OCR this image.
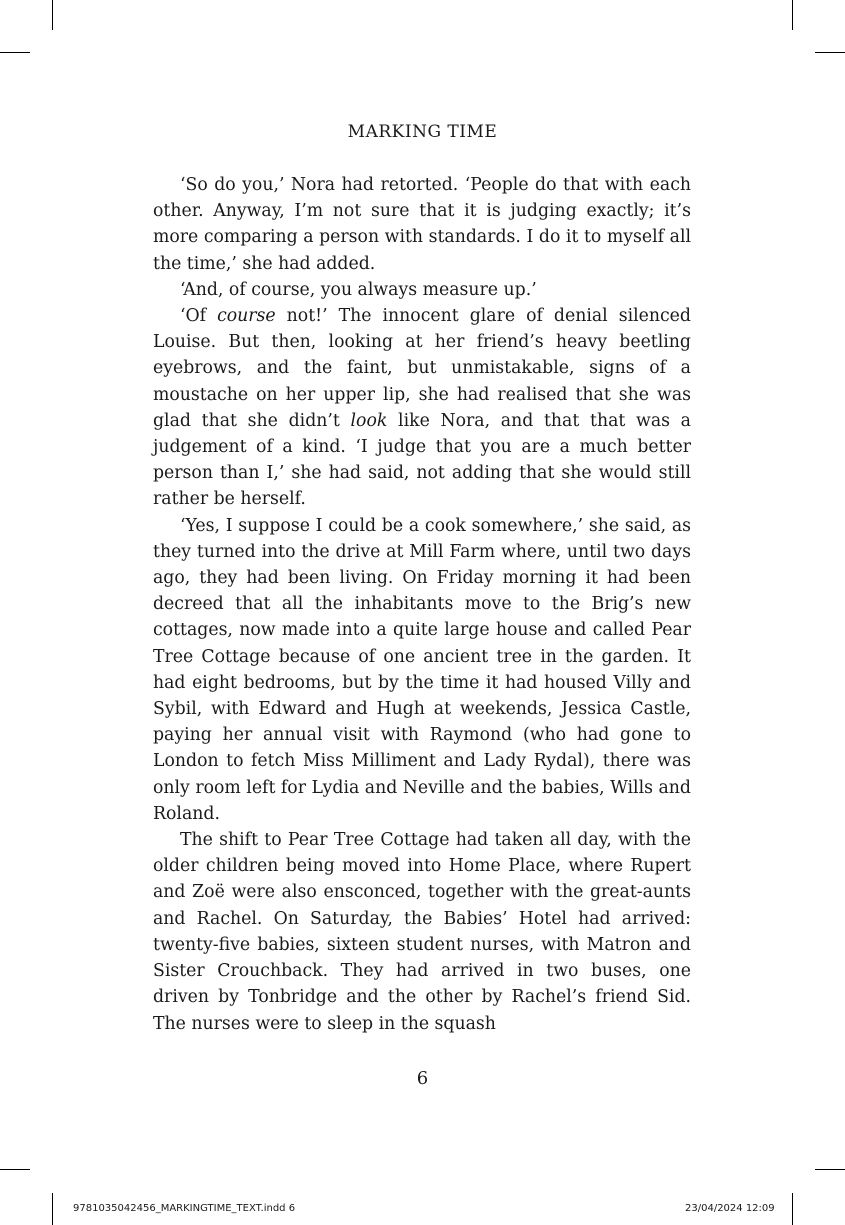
MARKING TIME

‘So do you,’ Nora had retorted. ‘People do that with each other. Anyway, I’m not sure that it is judging exactly; it’s more comparing a person with standards. I do it to myself all the time,’ she had added.

‘And, of course, you always measure up.’

‘Of course not!’ The innocent glare of denial silenced Louise. But then, looking at her friend’s heavy beetling eyebrows, and the faint, but unmistakable, signs of a moustache on her upper lip, she had realised that she was glad that she didn’t look like Nora, and that that was a judgement of a kind. ‘I judge that you are a much better person than I,’ she had said, not adding that she would still rather be herself.

‘Yes, I suppose I could be a cook somewhere,’ she said, as they turned into the drive at Mill Farm where, until two days ago, they had been living. On Friday morning it had been decreed that all the inhabitants move to the Brig’s new cottages, now made into a quite large house and called Pear Tree Cottage because of one ancient tree in the garden. It had eight bedrooms, but by the time it had housed Villy and Sybil, with Edward and Hugh at weekends, Jessica Castle, paying her annual visit with Raymond (who had gone to London to fetch Miss Milliment and Lady Rydal), there was only room left for Lydia and Neville and the babies, Wills and Roland.

The shift to Pear Tree Cottage had taken all day, with the older children being moved into Home Place, where Rupert and Zoë were also ensconced, together with the great-aunts and Rachel. On Saturday, the Babies’ Hotel had arrived: twenty-five babies, sixteen student nurses, with Matron and Sister Crouchback. They had arrived in two buses, one driven by Tonbridge and the other by Rachel’s friend Sid. The nurses were to sleep in the squash

6
9781035042456_MARKINGTIME_TEXT.indd 6	23/04/2024 12:09
